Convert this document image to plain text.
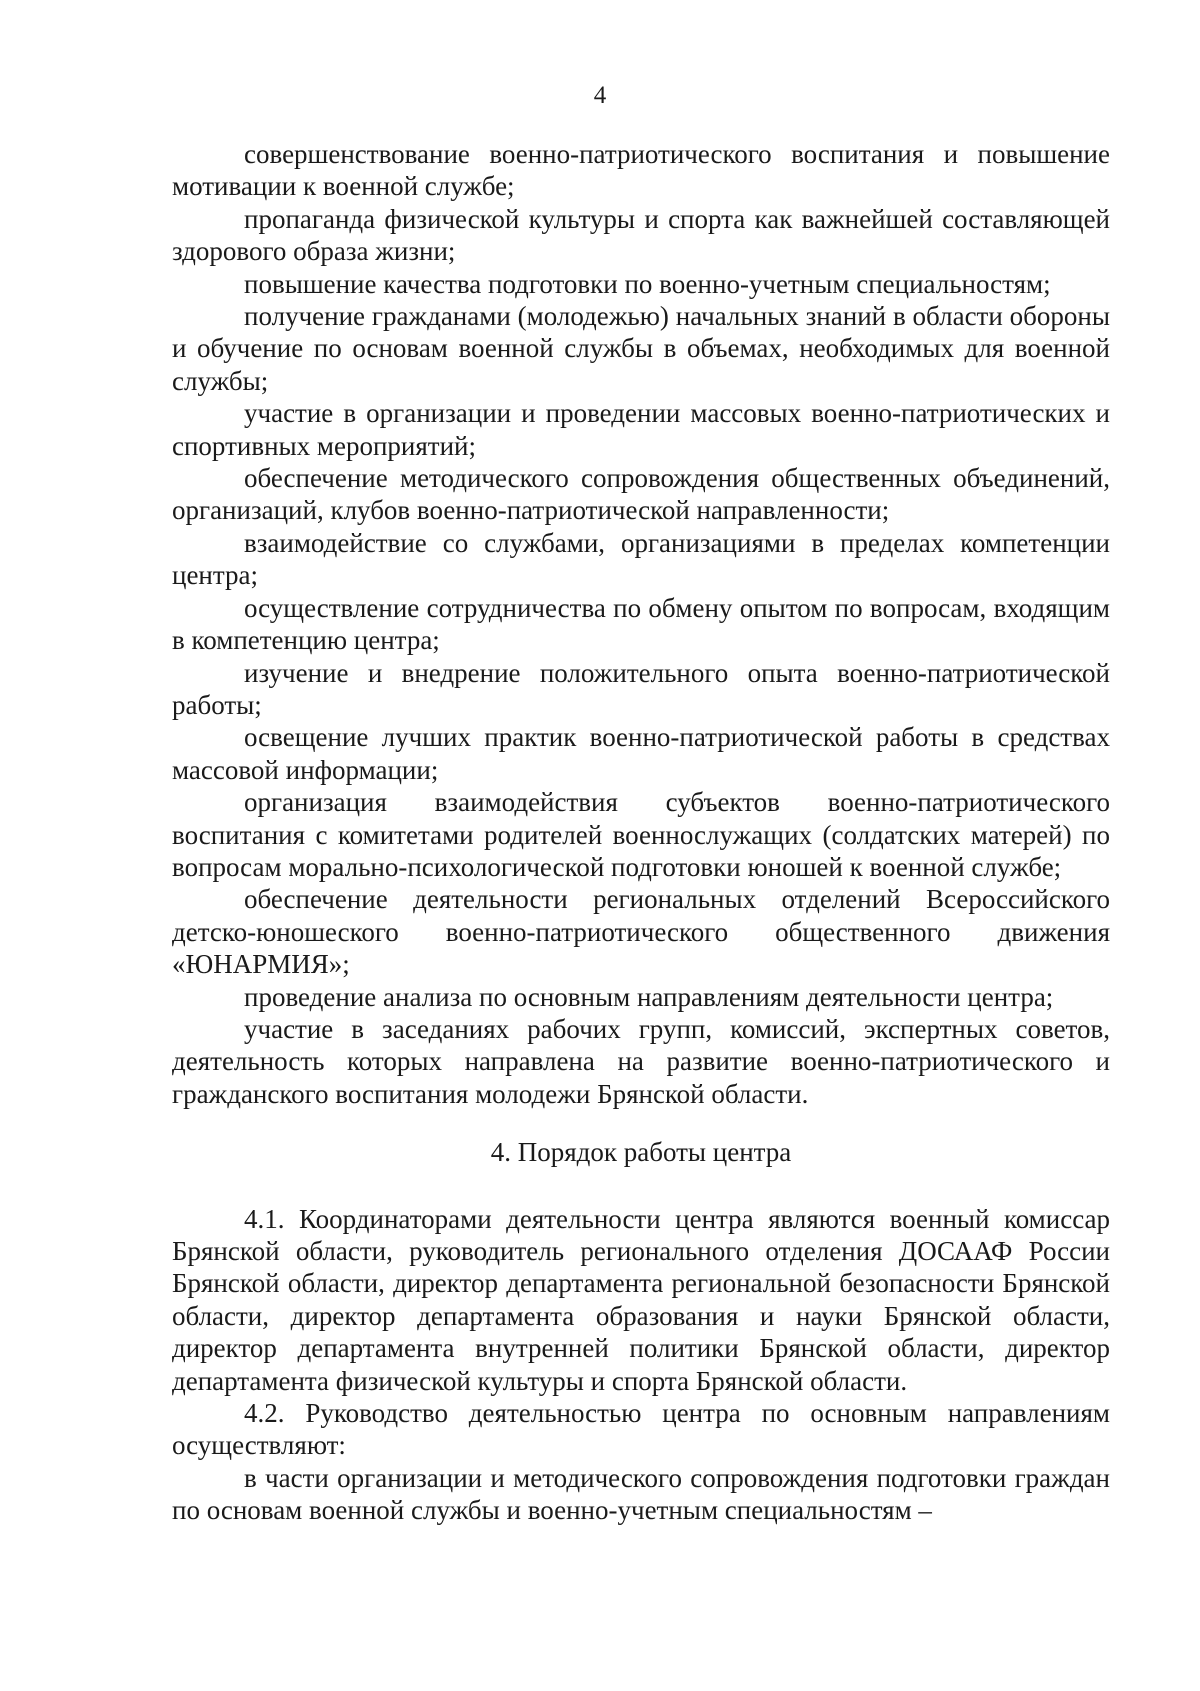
4

совершенствование военно-патриотического воспитания и повышение мотивации к военной службе;

пропаганда физической культуры и спорта как важнейшей составляющей здорового образа жизни;

повышение качества подготовки по военно-учетным специальностям;

получение гражданами (молодежью) начальных знаний в области обороны и обучение по основам военной службы в объемах, необходимых для военной службы;

участие в организации и проведении массовых военно-патриотических и спортивных мероприятий;

обеспечение методического сопровождения общественных объединений, организаций, клубов военно-патриотической направленности;

взаимодействие со службами, организациями в пределах компетенции центра;

осуществление сотрудничества по обмену опытом по вопросам, входящим в компетенцию центра;

изучение и внедрение положительного опыта военно-патриотической работы;

освещение лучших практик военно-патриотической работы в средствах массовой информации;

организация взаимодействия субъектов военно-патриотического воспитания с комитетами родителей военнослужащих (солдатских матерей) по вопросам морально-психологической подготовки юношей к военной службе;

обеспечение деятельности региональных отделений Всероссийского детско-юношеского военно-патриотического общественного движения «ЮНАРМИЯ»;

проведение анализа по основным направлениям деятельности центра;

участие в заседаниях рабочих групп, комиссий, экспертных советов, деятельность которых направлена на развитие военно-патриотического и гражданского воспитания молодежи Брянской области.

4. Порядок работы центра

4.1. Координаторами деятельности центра являются военный комиссар Брянской области, руководитель регионального отделения ДОСААФ России Брянской области, директор департамента региональной безопасности Брянской области, директор департамента образования и науки Брянской области, директор департамента внутренней политики Брянской области, директор департамента физической культуры и спорта Брянской области.

4.2. Руководство деятельностью центра по основным направлениям осуществляют:

в части организации и методического сопровождения подготовки граждан по основам военной службы и военно-учетным специальностям –
